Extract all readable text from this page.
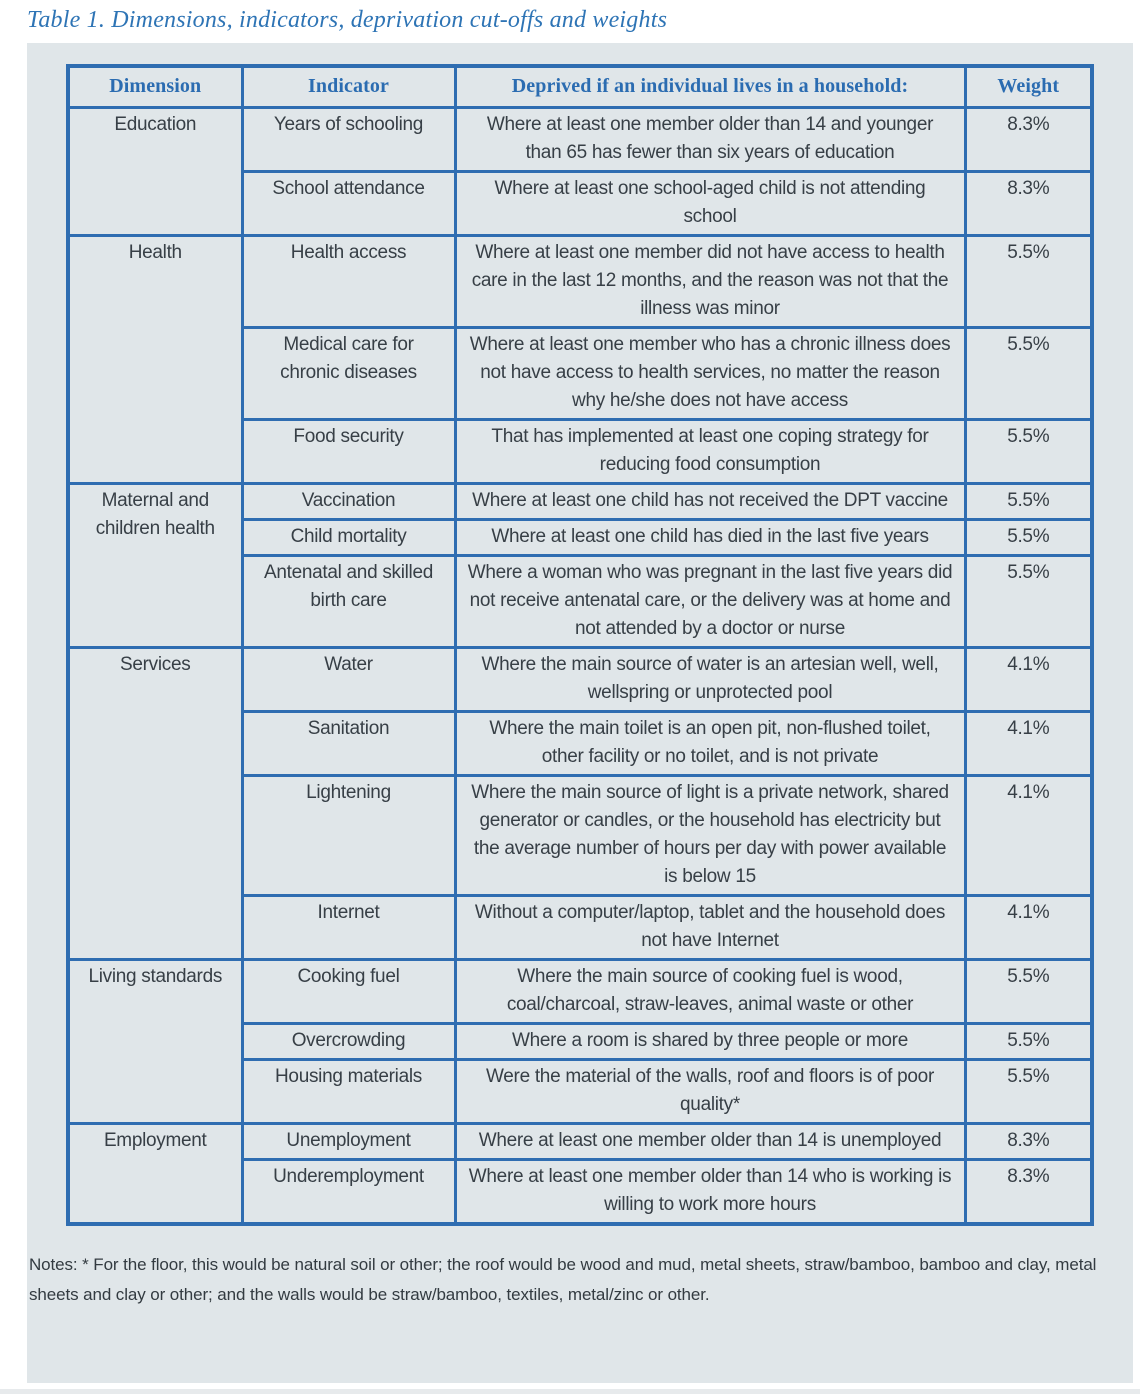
Table 1. Dimensions, indicators, deprivation cut-offs and weights
Dimension	Indicator	Deprived if an individual lives in a household:	Weight
Education	Years of schooling	Where at least one member older than 14 and younger than 65 has fewer than six years of education	8.3%
	School attendance	Where at least one school-aged child is not attending school	8.3%
Health	Health access	Where at least one member did not have access to health care in the last 12 months, and the reason was not that the illness was minor	5.5%
	Medical care for chronic diseases	Where at least one member who has a chronic illness does not have access to health services, no matter the reason why he/she does not have access	5.5%
	Food security	That has implemented at least one coping strategy for reducing food consumption	5.5%
Maternal and children health	Vaccination	Where at least one child has not received the DPT vaccine	5.5%
	Child mortality	Where at least one child has died in the last five years	5.5%
	Antenatal and skilled birth care	Where a woman who was pregnant in the last five years did not receive antenatal care, or the delivery was at home and not attended by a doctor or nurse	5.5%
Services	Water	Where the main source of water is an artesian well, well, wellspring or unprotected pool	4.1%
	Sanitation	Where the main toilet is an open pit, non-flushed toilet, other facility or no toilet, and is not private	4.1%
	Lightening	Where the main source of light is a private network, shared generator or candles, or the household has electricity but the average number of hours per day with power available is below 15	4.1%
	Internet	Without a computer/laptop, tablet and the household does not have Internet	4.1%
Living standards	Cooking fuel	Where the main source of cooking fuel is wood, coal/charcoal, straw-leaves, animal waste or other	5.5%
	Overcrowding	Where a room is shared by three people or more	5.5%
	Housing materials	Were the material of the walls, roof and floors is of poor quality*	5.5%
Employment	Unemployment	Where at least one member older than 14 is unemployed	8.3%
	Underemployment	Where at least one member older than 14 who is working is willing to work more hours	8.3%

Notes: * For the floor, this would be natural soil or other; the roof would be wood and mud, metal sheets, straw/bamboo, bamboo and clay, metal sheets and clay or other; and the walls would be straw/bamboo, textiles, metal/zinc or other.
